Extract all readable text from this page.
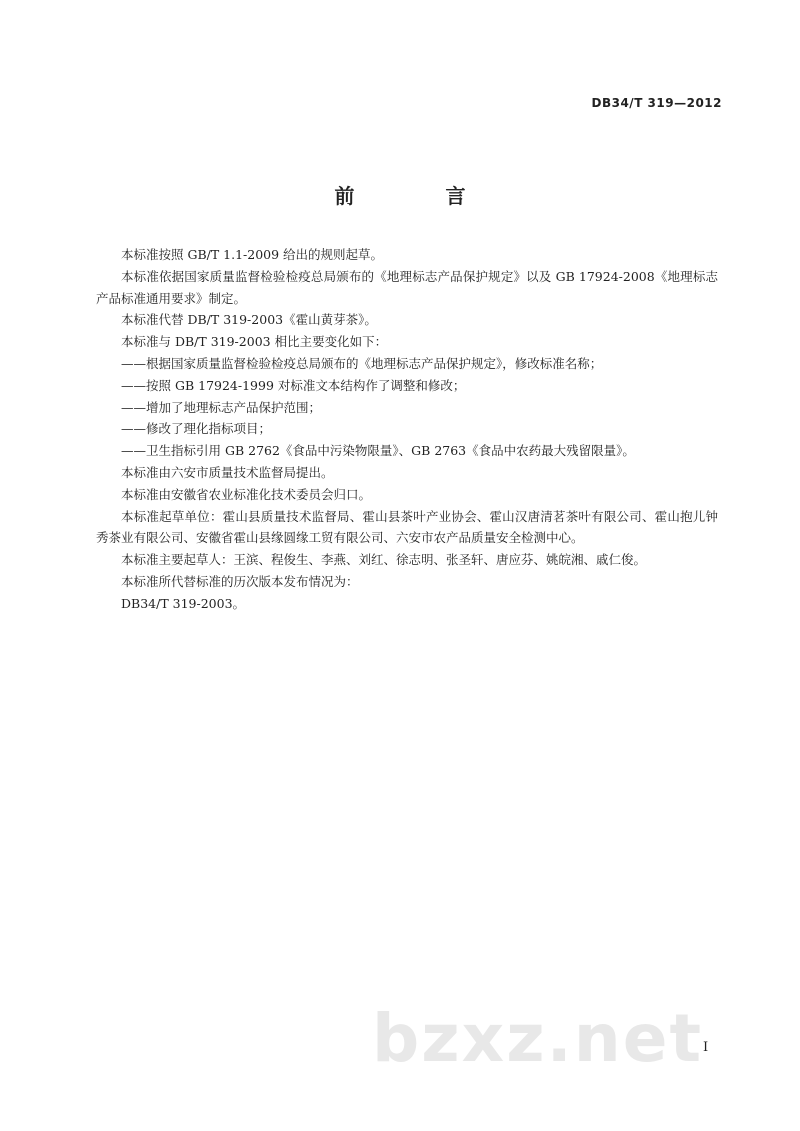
DB34/T 319—2012
前 言

本标准按照 GB/T 1.1-2009 给出的规则起草。

本标准依据国家质量监督检验检疫总局颁布的《地理标志产品保护规定》以及 GB 17924-2008《地理标志产品标准通用要求》制定。

本标准代替 DB/T 319-2003《霍山黄芽茶》。

本标准与 DB/T 319-2003 相比主要变化如下：

——根据国家质量监督检验检疫总局颁布的《地理标志产品保护规定》，修改标准名称；

——按照 GB 17924-1999 对标准文本结构作了调整和修改；

——增加了地理标志产品保护范围；

——修改了理化指标项目；

——卫生指标引用 GB 2762《食品中污染物限量》、GB 2763《食品中农药最大残留限量》。

本标准由六安市质量技术监督局提出。

本标准由安徽省农业标准化技术委员会归口。

本标准起草单位：霍山县质量技术监督局、霍山县茶叶产业协会、霍山汉唐清茗茶叶有限公司、霍山抱儿钟秀茶业有限公司、安徽省霍山县缘圆缘工贸有限公司、六安市农产品质量安全检测中心。

本标准主要起草人：王滨、程俊生、李燕、刘红、徐志明、张圣轩、唐应芬、姚皖湘、戚仁俊。

本标准所代替标准的历次版本发布情况为：

DB34/T 319-2003。

bzxz.net I
